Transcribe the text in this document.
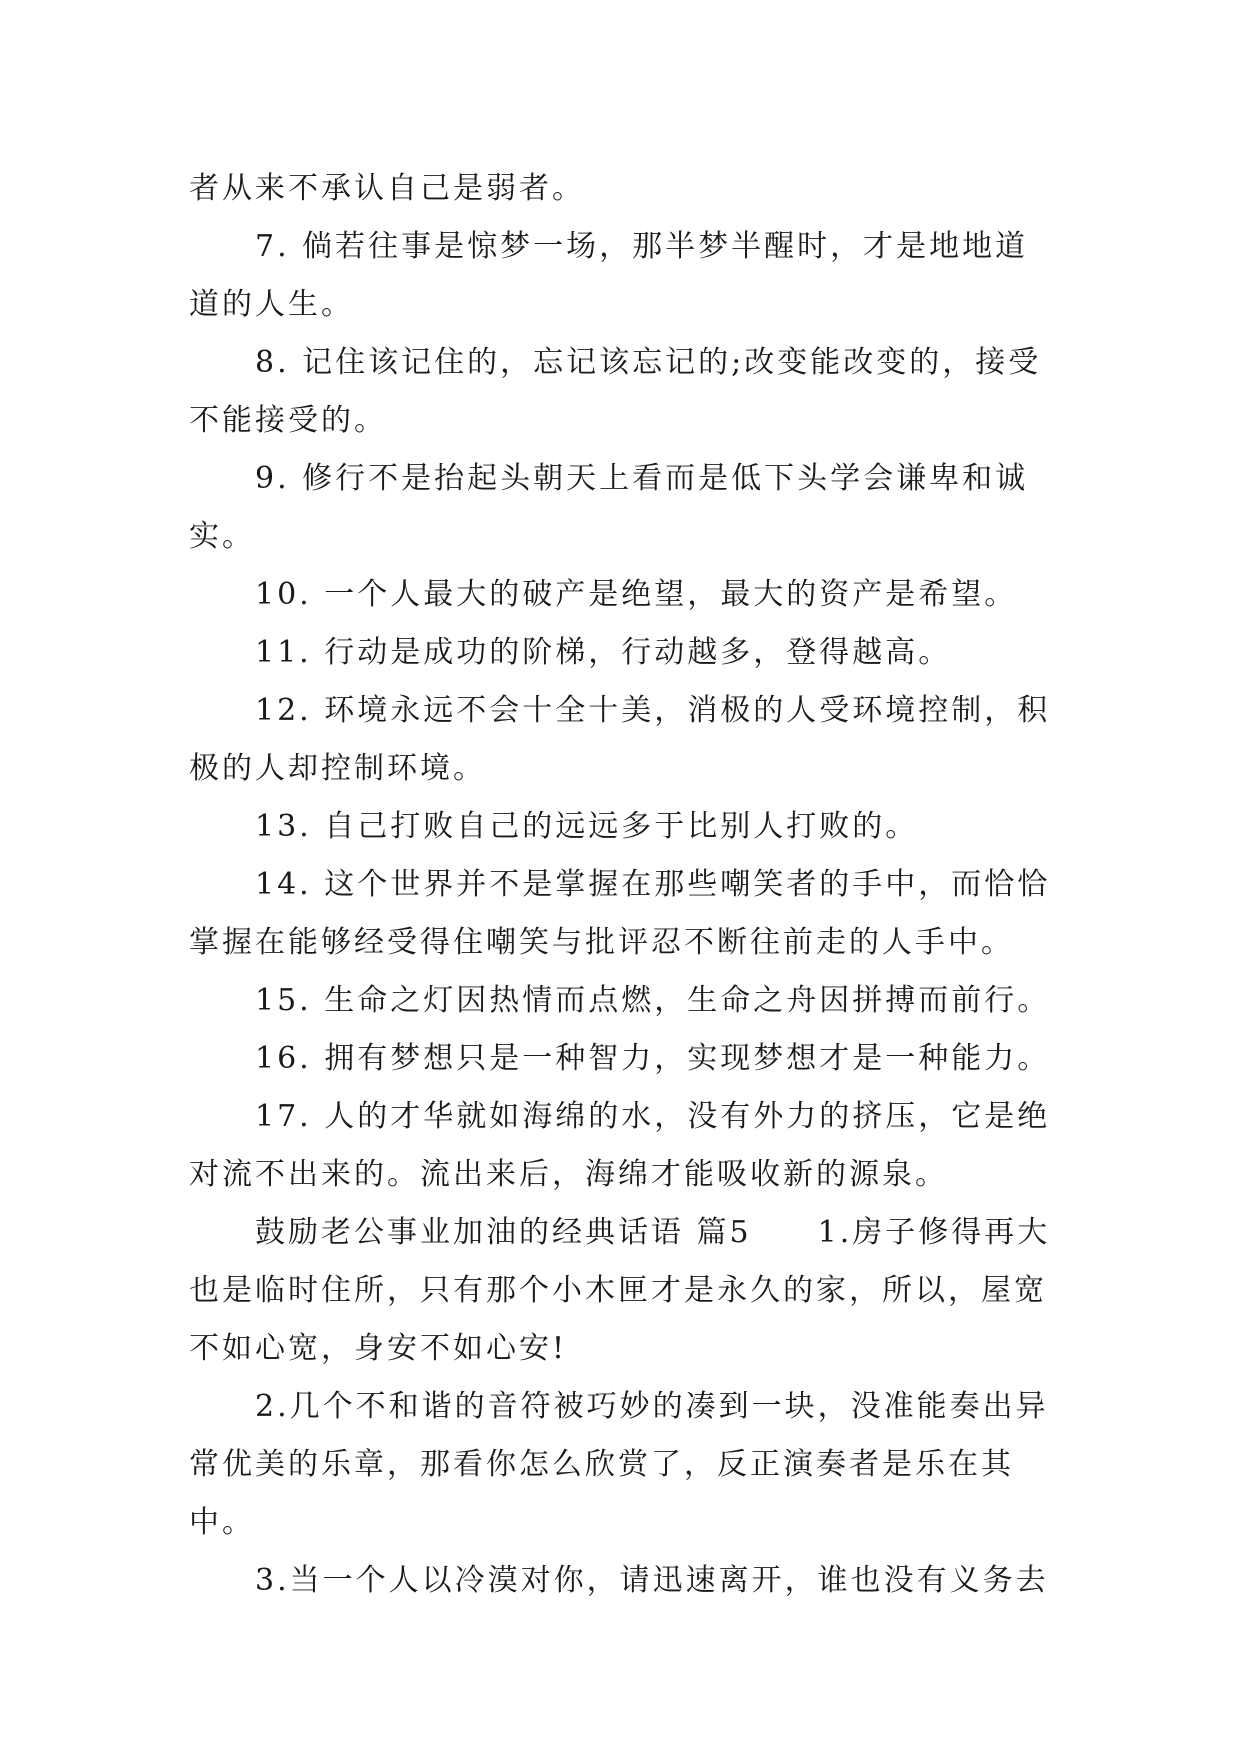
者从来不承认自己是弱者。

7. 倘若往事是惊梦一场，那半梦半醒时，才是地地道道的人生。

8. 记住该记住的，忘记该忘记的;改变能改变的，接受不能接受的。

9. 修行不是抬起头朝天上看而是低下头学会谦卑和诚实。

10. 一个人最大的破产是绝望，最大的资产是希望。

11. 行动是成功的阶梯，行动越多，登得越高。

12. 环境永远不会十全十美，消极的人受环境控制，积极的人却控制环境。

13. 自己打败自己的远远多于比别人打败的。

14. 这个世界并不是掌握在那些嘲笑者的手中，而恰恰掌握在能够经受得住嘲笑与批评忍不断往前走的人手中。

15. 生命之灯因热情而点燃，生命之舟因拼搏而前行。

16. 拥有梦想只是一种智力，实现梦想才是一种能力。

17. 人的才华就如海绵的水，没有外力的挤压，它是绝对流不出来的。流出来后，海绵才能吸收新的源泉。

鼓励老公事业加油的经典话语 篇5　　1.房子修得再大也是临时住所，只有那个小木匣才是永久的家，所以，屋宽不如心宽，身安不如心安!

2.几个不和谐的音符被巧妙的凑到一块，没准能奏出异常优美的乐章，那看你怎么欣赏了，反正演奏者是乐在其中。

3.当一个人以冷漠对你，请迅速离开，谁也没有义务去
